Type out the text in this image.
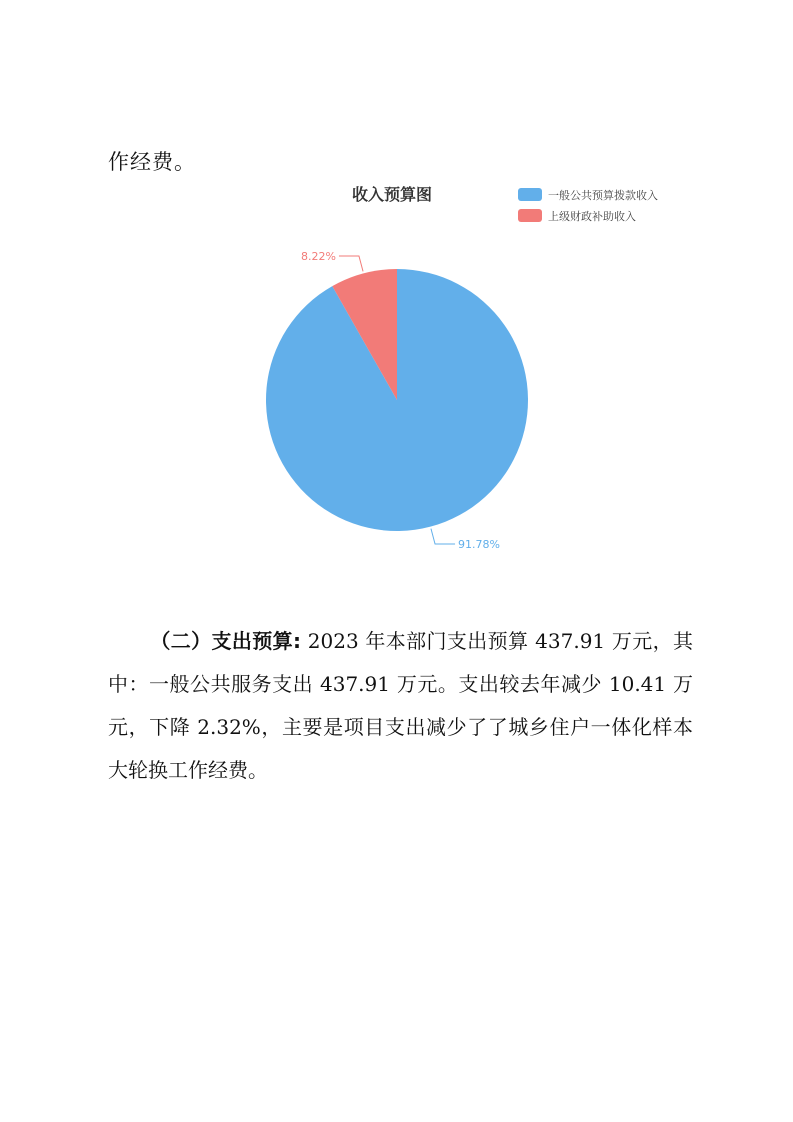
作经费。
收入预算图	一般公共预算拨款收入
上级财政补助收入
91.78%
8.22%
（二）支出预算: 2023 年本部门支出预算 437.91 万元，其中：一般公共服务支出 437.91 万元。支出较去年减少 10.41 万元，下降 2.32%，主要是项目支出减少了了城乡住户一体化样本大轮换工作经费。
